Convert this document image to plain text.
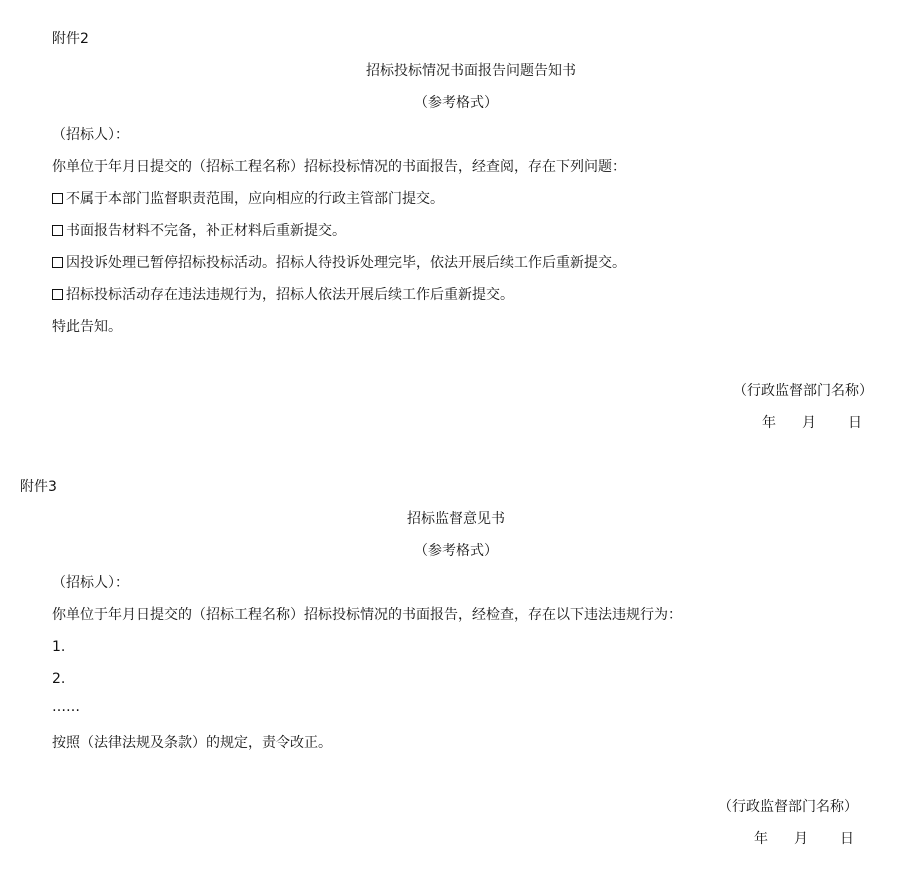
附件2
招标投标情况书面报告问题告知书
（参考格式）
（招标人）：
你单位于年月日提交的（招标工程名称）招标投标情况的书面报告，经查阅，存在下列问题：
不属于本部门监督职责范围，应向相应的行政主管部门提交。
书面报告材料不完备，补正材料后重新提交。
因投诉处理已暂停招标投标活动。招标人待投诉处理完毕，依法开展后续工作后重新提交。
招标投标活动存在违法违规行为，招标人依法开展后续工作后重新提交。
特此告知。
（行政监督部门名称）
年 月 日
附件3
招标监督意见书
（参考格式）
（招标人）：
你单位于年月日提交的（招标工程名称）招标投标情况的书面报告，经检查，存在以下违法违规行为：
1.
2.
……
按照（法律法规及条款）的规定，责令改正。
（行政监督部门名称）
年 月 日
